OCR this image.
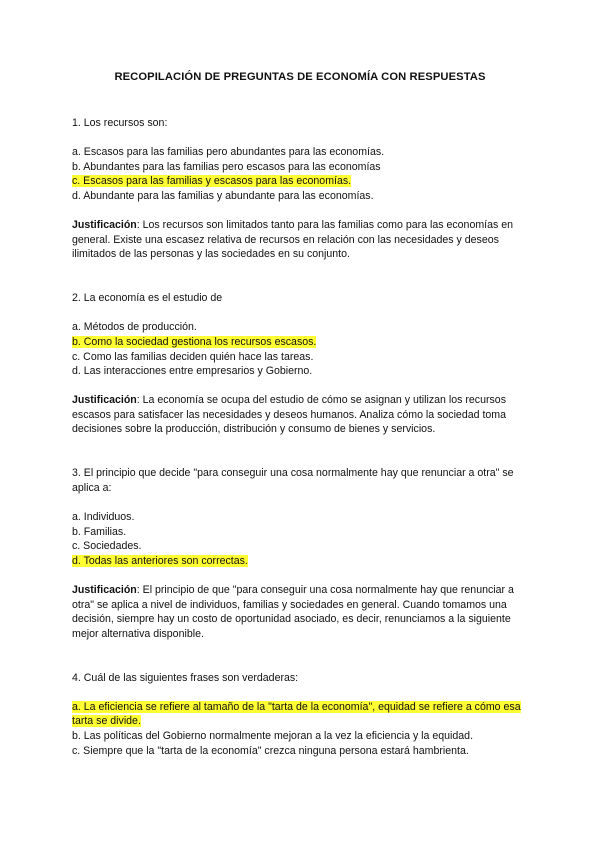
RECOPILACIÓN DE PREGUNTAS DE ECONOMÍA CON RESPUESTAS

1. Los recursos son:

a. Escasos para las familias pero abundantes para las economías.

b. Abundantes para las familias pero escasos para las economías

c. Escasos para las familias y escasos para las economías.

d. Abundante para las familias y abundante para las economías.

Justificación: Los recursos son limitados tanto para las familias como para las economías en general. Existe una escasez relativa de recursos en relación con las necesidades y deseos ilimitados de las personas y las sociedades en su conjunto.

2. La economía es el estudio de

a. Métodos de producción.

b. Como la sociedad gestiona los recursos escasos.

c. Como las familias deciden quién hace las tareas.

d. Las interacciones entre empresarios y Gobierno.

Justificación: La economía se ocupa del estudio de cómo se asignan y utilizan los recursos escasos para satisfacer las necesidades y deseos humanos. Analiza cómo la sociedad toma decisiones sobre la producción, distribución y consumo de bienes y servicios.

3. El principio que decide "para conseguir una cosa normalmente hay que renunciar a otra" se aplica a:

a. Individuos.

b. Familias.

c. Sociedades.

d. Todas las anteriores son correctas.

Justificación: El principio de que "para conseguir una cosa normalmente hay que renunciar a otra" se aplica a nivel de individuos, familias y sociedades en general. Cuando tomamos una decisión, siempre hay un costo de oportunidad asociado, es decir, renunciamos a la siguiente mejor alternativa disponible.

4. Cuál de las siguientes frases son verdaderas:

a. La eficiencia se refiere al tamaño de la "tarta de la economía", equidad se refiere a cómo esa tarta se divide.

b. Las políticas del Gobierno normalmente mejoran a la vez la eficiencia y la equidad.

c. Siempre que la "tarta de la economía" crezca ninguna persona estará hambrienta.
